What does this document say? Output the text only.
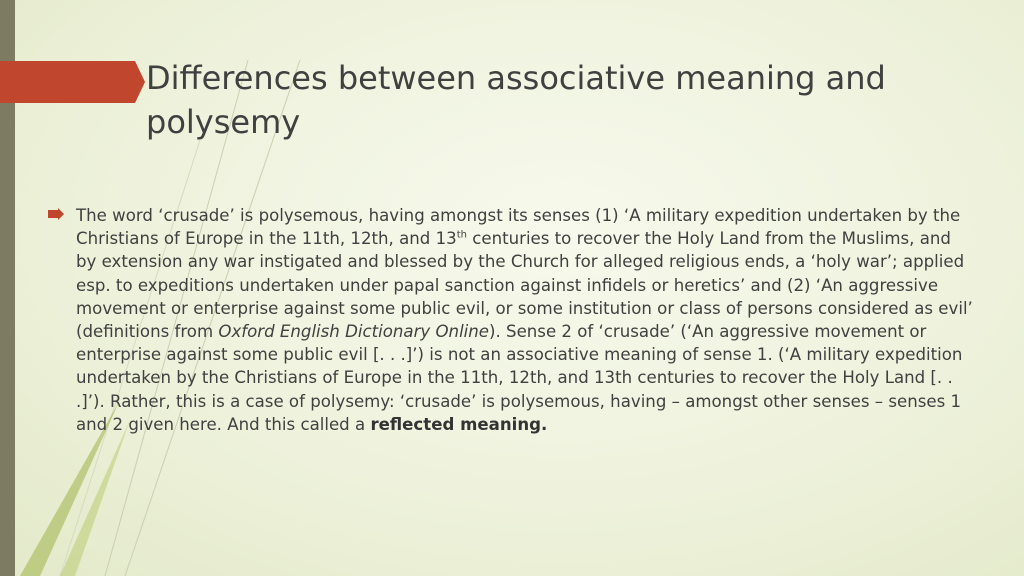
Differences between associative meaning and polysemy
The word ‘crusade’ is polysemous, having amongst its senses (1) ‘A military expedition undertaken by the Christians of Europe in the 11th, 12th, and 13th centuries to recover the Holy Land from the Muslims, and by extension any war instigated and blessed by the Church for alleged religious ends, a ‘holy war’; applied esp. to expeditions undertaken under papal sanction against infidels or heretics’ and (2) ‘An aggressive movement or enterprise against some public evil, or some institution or class of persons considered as evil’ (definitions from Oxford English Dictionary Online). Sense 2 of ‘crusade’ (‘An aggressive movement or enterprise against some public evil [. . .]’) is not an associative meaning of sense 1. (‘A military expedition undertaken by the Christians of Europe in the 11th, 12th, and 13th centuries to recover the Holy Land [. . .]’). Rather, this is a case of polysemy: ‘crusade’ is polysemous, having – amongst other senses – senses 1 and 2 given here. And this called a reflected meaning.
